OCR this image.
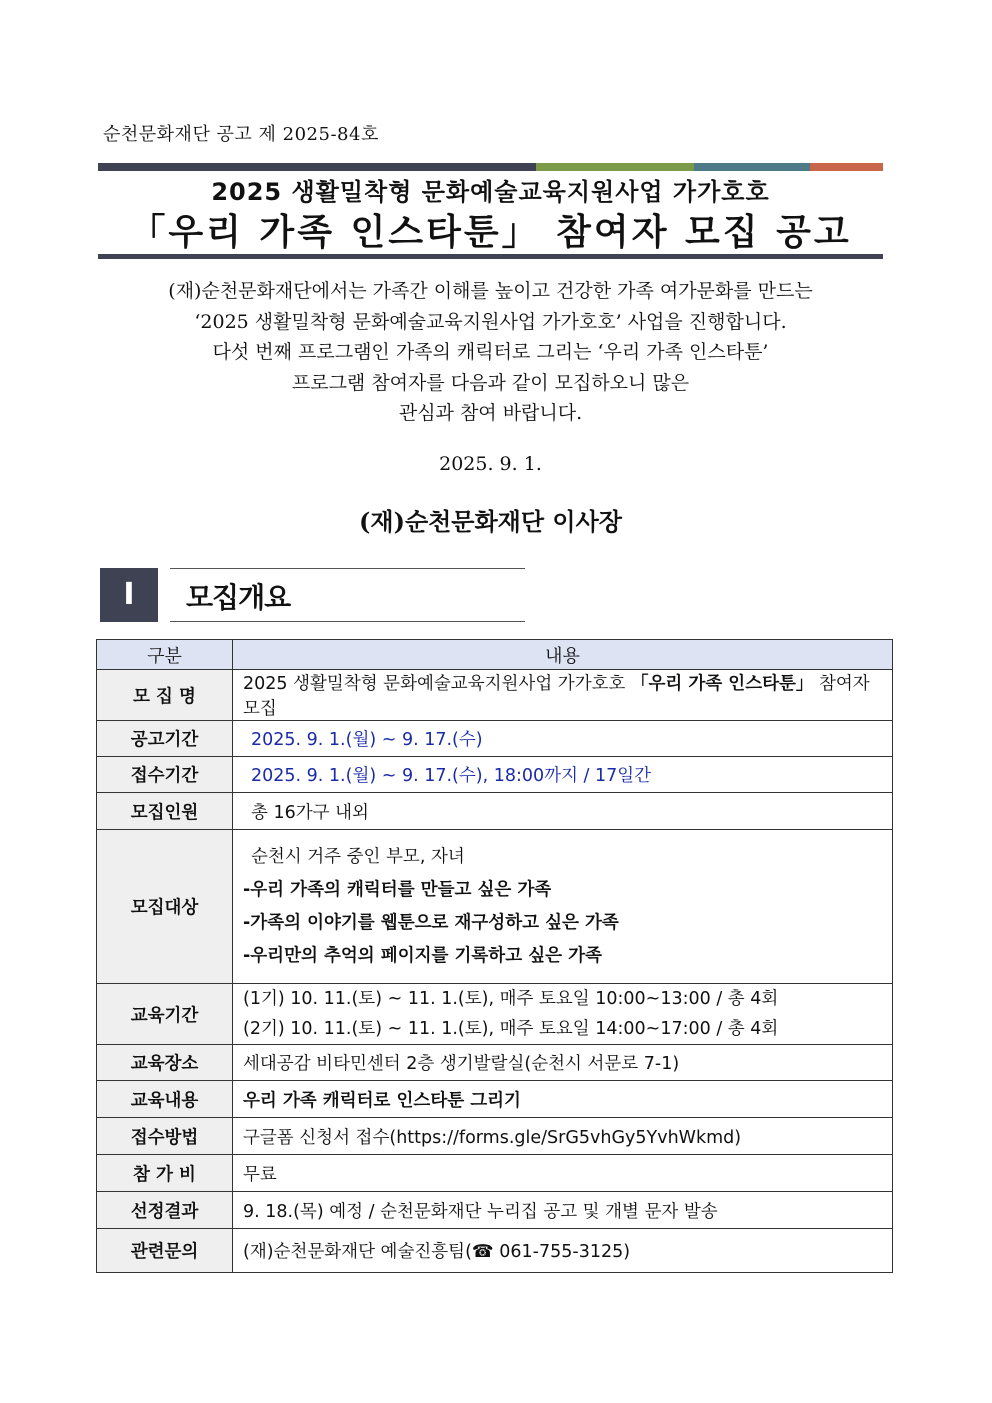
순천문화재단 공고 제 2025-84호
2025 생활밀착형 문화예술교육지원사업 가가호호
「우리 가족 인스타툰」 참여자 모집 공고
(재)순천문화재단에서는 가족간 이해를 높이고 건강한 가족 여가문화를 만드는
‘2025 생활밀착형 문화예술교육지원사업 가가호호’ 사업을 진행합니다.
다섯 번째 프로그램인 가족의 캐릭터로 그리는 ‘우리 가족 인스타툰’
프로그램 참여자를 다음과 같이 모집하오니 많은
관심과 참여 바랍니다.
2025. 9. 1.
(재)순천문화재단 이사장
I	모집개요
구분	내용
모 집 명	2025 생활밀착형 문화예술교육지원사업 가가호호 「우리 가족 인스타툰」 참여자 모집
공고기간	2025. 9. 1.(월) ~ 9. 17.(수)
접수기간	2025. 9. 1.(월) ~ 9. 17.(수), 18:00까지 / 17일간
모집인원	총 16가구 내외
모집대상	순천시 거주 중인 부모, 자녀
-우리 가족의 캐릭터를 만들고 싶은 가족
-가족의 이야기를 웹툰으로 재구성하고 싶은 가족
-우리만의 추억의 페이지를 기록하고 싶은 가족

교육기간	(1기) 10. 11.(토) ~ 11. 1.(토), 매주 토요일 10:00~13:00 / 총 4회
(2기) 10. 11.(토) ~ 11. 1.(토), 매주 토요일 14:00~17:00 / 총 4회

교육장소	세대공감 비타민센터 2층 생기발랄실(순천시 서문로 7-1)
교육내용	우리 가족 캐릭터로 인스타툰 그리기
접수방법	구글폼 신청서 접수(https://forms.gle/SrG5vhGy5YvhWkmd)
참 가 비	무료
선정결과	9. 18.(목) 예정 / 순천문화재단 누리집 공고 및 개별 문자 발송
관련문의	(재)순천문화재단 예술진흥팀(☎ 061-755-3125)
